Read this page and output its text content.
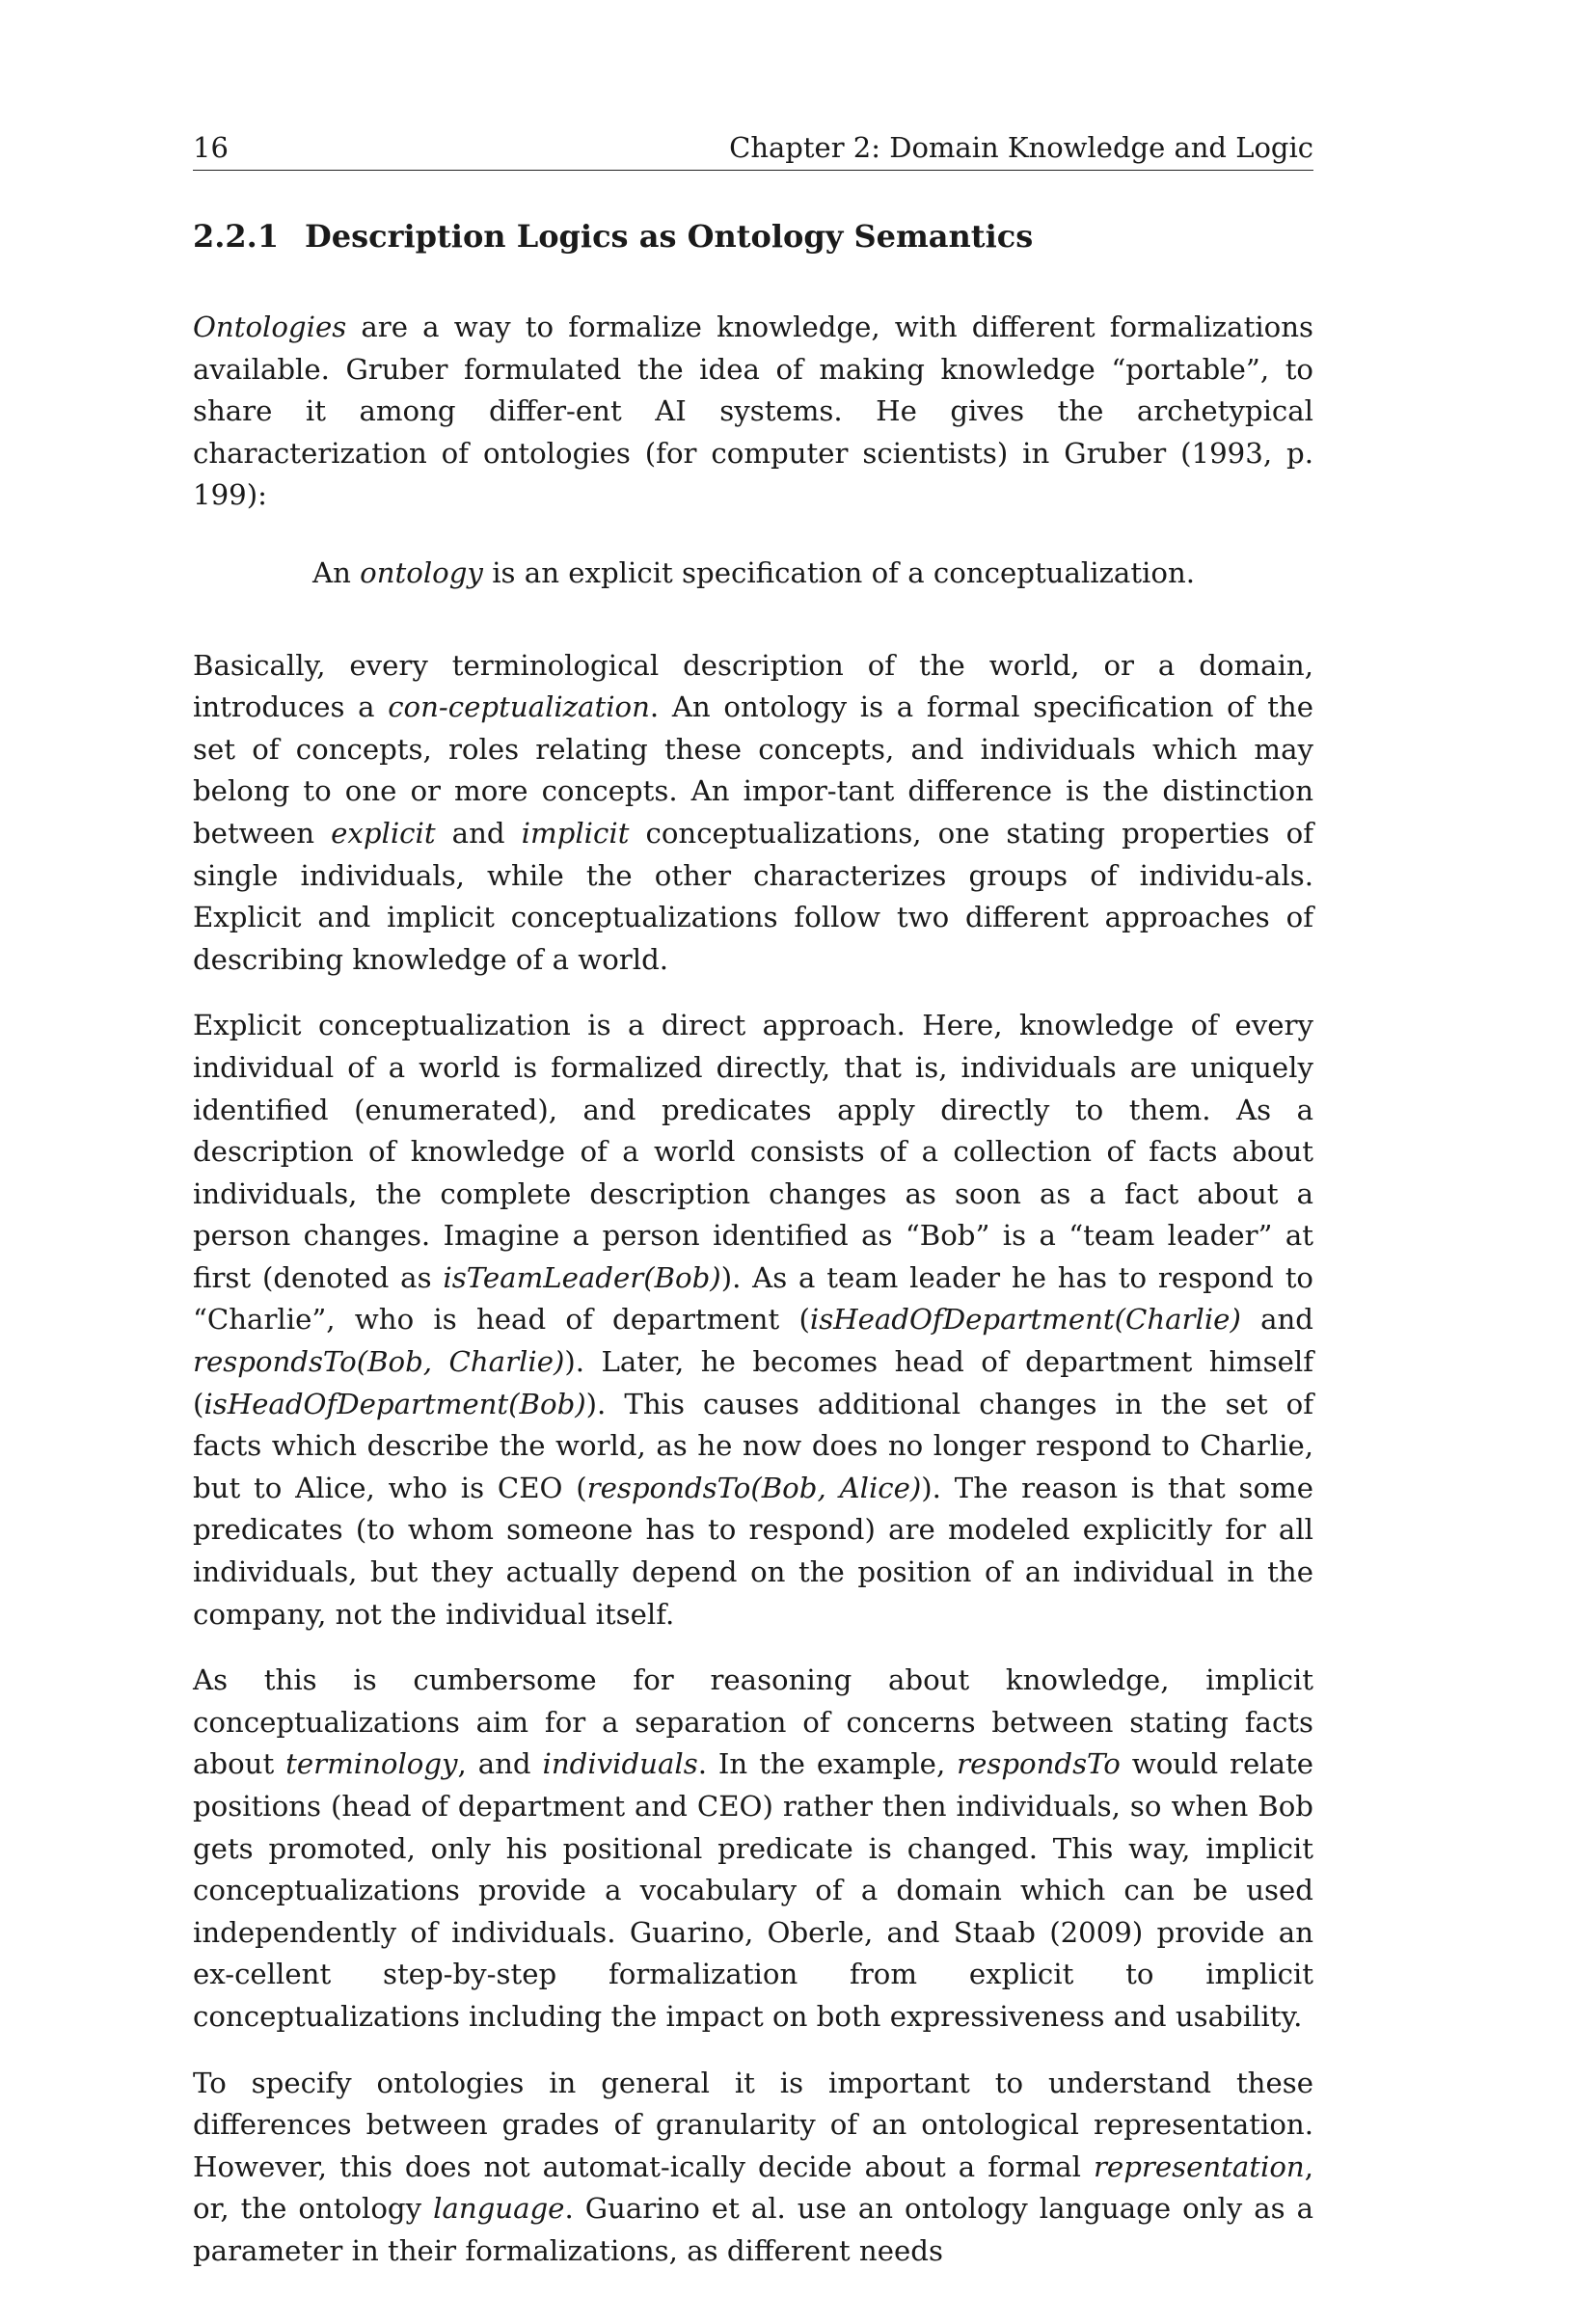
16	Chapter 2: Domain Knowledge and Logic
2.2.1 Description Logics as Ontology Semantics

Ontologies are a way to formalize knowledge, with different formalizations available. Gruber formulated the idea of making knowledge “portable”, to share it among differ-ent AI systems. He gives the archetypical characterization of ontologies (for computer scientists) in Gruber (1993, p. 199):

An ontology is an explicit specification of a conceptualization.

Basically, every terminological description of the world, or a domain, introduces a con-ceptualization. An ontology is a formal specification of the set of concepts, roles relating these concepts, and individuals which may belong to one or more concepts. An impor-tant difference is the distinction between explicit and implicit conceptualizations, one stating properties of single individuals, while the other characterizes groups of individu-als. Explicit and implicit conceptualizations follow two different approaches of describing knowledge of a world.

Explicit conceptualization is a direct approach. Here, knowledge of every individual of a world is formalized directly, that is, individuals are uniquely identified (enumerated), and predicates apply directly to them. As a description of knowledge of a world consists of a collection of facts about individuals, the complete description changes as soon as a fact about a person changes. Imagine a person identified as “Bob” is a “team leader” at first (denoted as isTeamLeader(Bob)). As a team leader he has to respond to “Charlie”, who is head of department (isHeadOfDepartment(Charlie) and respondsTo(Bob, Charlie)). Later, he becomes head of department himself (isHeadOfDepartment(Bob)). This causes additional changes in the set of facts which describe the world, as he now does no longer respond to Charlie, but to Alice, who is CEO (respondsTo(Bob, Alice)). The reason is that some predicates (to whom someone has to respond) are modeled explicitly for all individuals, but they actually depend on the position of an individual in the company, not the individual itself.

As this is cumbersome for reasoning about knowledge, implicit conceptualizations aim for a separation of concerns between stating facts about terminology, and individuals. In the example, respondsTo would relate positions (head of department and CEO) rather then individuals, so when Bob gets promoted, only his positional predicate is changed. This way, implicit conceptualizations provide a vocabulary of a domain which can be used independently of individuals. Guarino, Oberle, and Staab (2009) provide an ex-cellent step-by-step formalization from explicit to implicit conceptualizations including the impact on both expressiveness and usability.

To specify ontologies in general it is important to understand these differences between grades of granularity of an ontological representation. However, this does not automat-ically decide about a formal representation, or, the ontology language. Guarino et al. use an ontology language only as a parameter in their formalizations, as different needs
